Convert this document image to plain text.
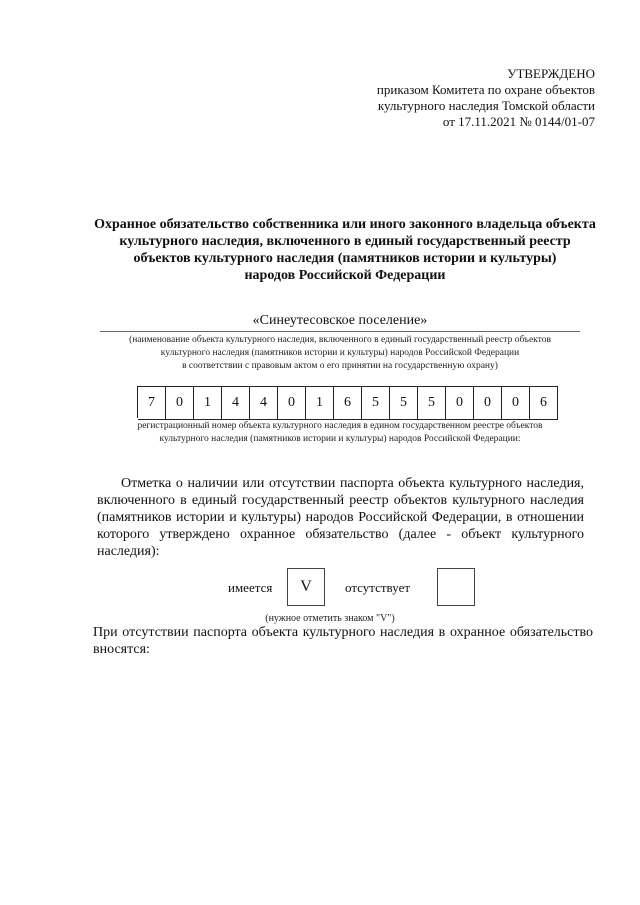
УТВЕРЖДЕНО
приказом Комитета по охране объектов
культурного наследия Томской области
от 17.11.2021 № 0144/01-07
Охранное обязательство собственника или иного законного владельца объекта
культурного наследия, включенного в единый государственный реестр
объектов культурного наследия (памятников истории и культуры)
народов Российской Федерации
«Синеутесовское поселение»
(наименование объекта культурного наследия, включенного в единый государственный реестр объектов
культурного наследия (памятников истории и культуры) народов Российской Федерации
в соответствии с правовым актом о его принятии на государственную охрану)
7	0	1	4	4	0	1	6	5	5	5	0	0	0	6
регистрационный номер объекта культурного наследия в едином государственном реестре объектов
культурного наследия (памятников истории и культуры) народов Российской Федерации:
Отметка о наличии или отсутствии паспорта объекта культурного наследия, включенного в единый государственный реестр объектов культурного наследия (памятников истории и культуры) народов Российской Федерации, в отношении которого утверждено охранное обязательство (далее - объект культурного наследия):
имеется	V	отсутствует
(нужное отметить знаком "V")
При отсутствии паспорта объекта культурного наследия в охранное обязательство вносятся:
